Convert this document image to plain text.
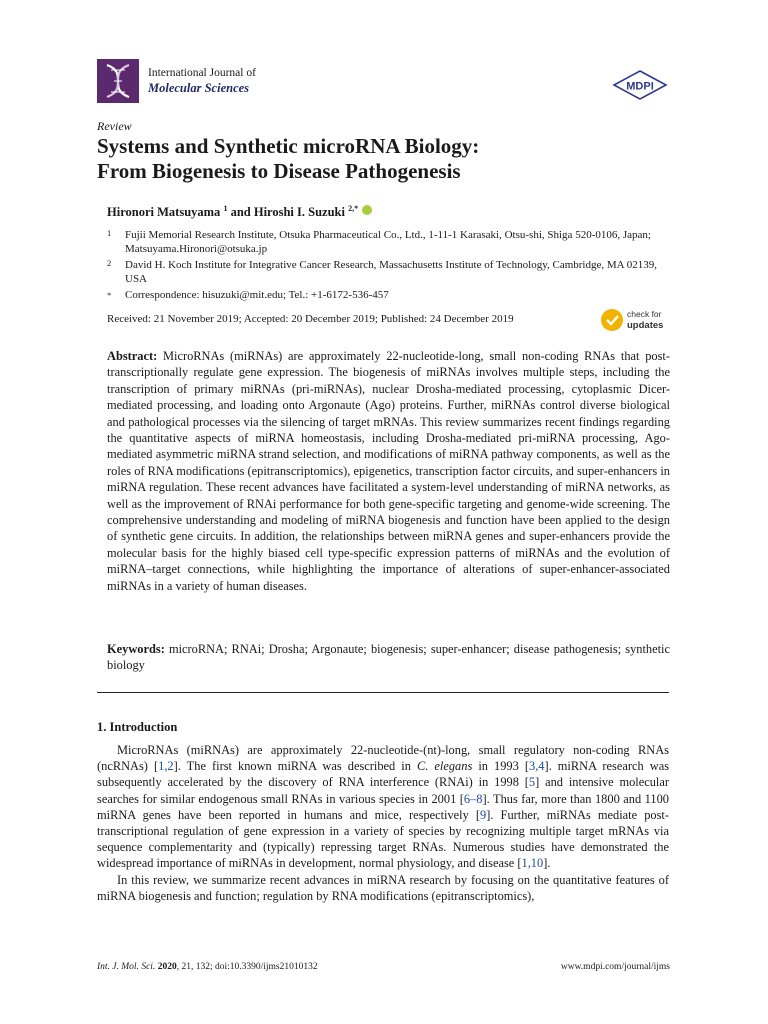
International Journal of
Molecular Sciences	MDPI
Review
Systems and Synthetic microRNA Biology:
From Biogenesis to Disease Pathogenesis
Hironori Matsuyama $^1$ and Hiroshi I. Suzuki $^{2,*}$
1 Fujii Memorial Research Institute, Otsuka Pharmaceutical Co., Ltd., 1-11-1 Karasaki, Otsu-shi, Shiga 520-0106, Japan; Matsuyama.Hironori@otsuka.jp
2 David H. Koch Institute for Integrative Cancer Research, Massachusetts Institute of Technology, Cambridge, MA 02139, USA
* Correspondence: hisuzuki@mit.edu; Tel.: +1-6172-536-457
Received: 21 November 2019; Accepted: 20 December 2019; Published: 24 December 2019	check for
updates
Abstract: MicroRNAs (miRNAs) are approximately 22-nucleotide-long, small non-coding RNAs that post-transcriptionally regulate gene expression. The biogenesis of miRNAs involves multiple steps, including the transcription of primary miRNAs (pri-miRNAs), nuclear Drosha-mediated processing, cytoplasmic Dicer-mediated processing, and loading onto Argonaute (Ago) proteins. Further, miRNAs control diverse biological and pathological processes via the silencing of target mRNAs. This review summarizes recent findings regarding the quantitative aspects of miRNA homeostasis, including Drosha-mediated pri-miRNA processing, Ago-mediated asymmetric miRNA strand selection, and modifications of miRNA pathway components, as well as the roles of RNA modifications (epitranscriptomics), epigenetics, transcription factor circuits, and super-enhancers in miRNA regulation. These recent advances have facilitated a system-level understanding of miRNA networks, as well as the improvement of RNAi performance for both gene-specific targeting and genome-wide screening. The comprehensive understanding and modeling of miRNA biogenesis and function have been applied to the design of synthetic gene circuits. In addition, the relationships between miRNA genes and super-enhancers provide the molecular basis for the highly biased cell type-specific expression patterns of miRNAs and the evolution of miRNA–target connections, while highlighting the importance of alterations of super-enhancer-associated miRNAs in a variety of human diseases.
Keywords: microRNA; RNAi; Drosha; Argonaute; biogenesis; super-enhancer; disease pathogenesis; synthetic biology
1. Introduction

MicroRNAs (miRNAs) are approximately 22-nucleotide-(nt)-long, small regulatory non-coding RNAs (ncRNAs) [1,2]. The first known miRNA was described in C. elegans in 1993 [3,4]. miRNA research was subsequently accelerated by the discovery of RNA interference (RNAi) in 1998 [5] and intensive molecular searches for similar endogenous small RNAs in various species in 2001 [6–8]. Thus far, more than 1800 and 1100 miRNA genes have been reported in humans and mice, respectively [9]. Further, miRNAs mediate post-transcriptional regulation of gene expression in a variety of species by recognizing multiple target mRNAs via sequence complementarity and (typically) repressing target RNAs. Numerous studies have demonstrated the widespread importance of miRNAs in development, normal physiology, and disease [1,10].

In this review, we summarize recent advances in miRNA research by focusing on the quantitative features of miRNA biogenesis and function; regulation by RNA modifications (epitranscriptomics),

Int. J. Mol. Sci. 2020, 21, 132; doi:10.3390/ijms21010132	www.mdpi.com/journal/ijms
